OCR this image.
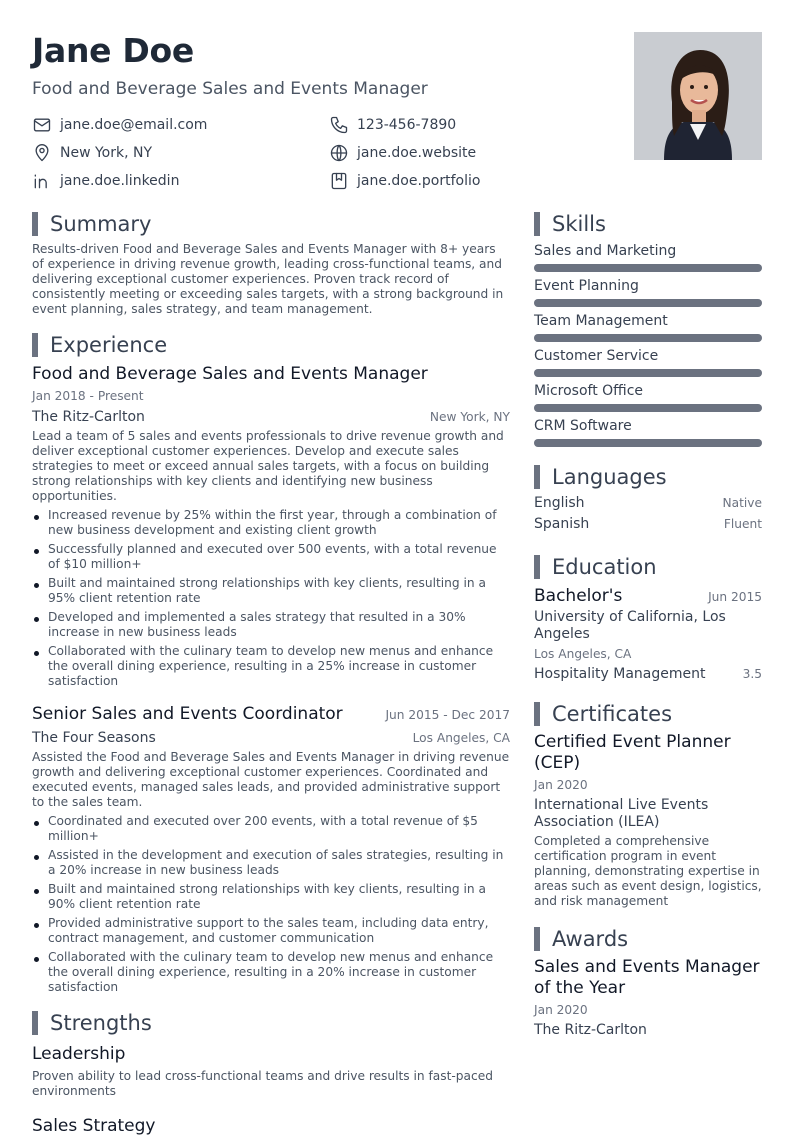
Jane Doe
Food and Beverage Sales and Events Manager
jane.doe@email.com	123-456-7890
New York, NY	jane.doe.website
jane.doe.linkedin	jane.doe.portfolio
Summary
Results-driven Food and Beverage Sales and Events Manager with 8+ years of experience in driving revenue growth, leading cross-functional teams, and delivering exceptional customer experiences. Proven track record of consistently meeting or exceeding sales targets, with a strong background in event planning, sales strategy, and team management.
Experience
Food and Beverage Sales and Events Manager
Jan 2018 - Present
The Ritz-Carlton	New York, NY
Lead a team of 5 sales and events professionals to drive revenue growth and deliver exceptional customer experiences. Develop and execute sales strategies to meet or exceed annual sales targets, with a focus on building strong relationships with key clients and identifying new business opportunities.
Increased revenue by 25% within the first year, through a combination of new business development and existing client growth
Successfully planned and executed over 500 events, with a total revenue of $10 million+
Built and maintained strong relationships with key clients, resulting in a 95% client retention rate
Developed and implemented a sales strategy that resulted in a 30% increase in new business leads
Collaborated with the culinary team to develop new menus and enhance the overall dining experience, resulting in a 25% increase in customer satisfaction
Senior Sales and Events Coordinator	Jun 2015 - Dec 2017
The Four Seasons	Los Angeles, CA
Assisted the Food and Beverage Sales and Events Manager in driving revenue growth and delivering exceptional customer experiences. Coordinated and executed events, managed sales leads, and provided administrative support to the sales team.
Coordinated and executed over 200 events, with a total revenue of $5 million+
Assisted in the development and execution of sales strategies, resulting in a 20% increase in new business leads
Built and maintained strong relationships with key clients, resulting in a 90% client retention rate
Provided administrative support to the sales team, including data entry, contract management, and customer communication
Collaborated with the culinary team to develop new menus and enhance the overall dining experience, resulting in a 20% increase in customer satisfaction
Strengths
Leadership
Proven ability to lead cross-functional teams and drive results in fast-paced environments
Sales Strategy
Skills
Sales and Marketing
Event Planning
Team Management
Customer Service
Microsoft Office
CRM Software
Languages
English	Native
Spanish	Fluent
Education
Bachelor's	Jun 2015
University of California, Los Angeles
Los Angeles, CA
Hospitality Management	3.5
Certificates
Certified Event Planner (CEP)
Jan 2020
International Live Events Association (ILEA)
Completed a comprehensive certification program in event planning, demonstrating expertise in areas such as event design, logistics, and risk management
Awards
Sales and Events Manager of the Year
Jan 2020
The Ritz-Carlton
